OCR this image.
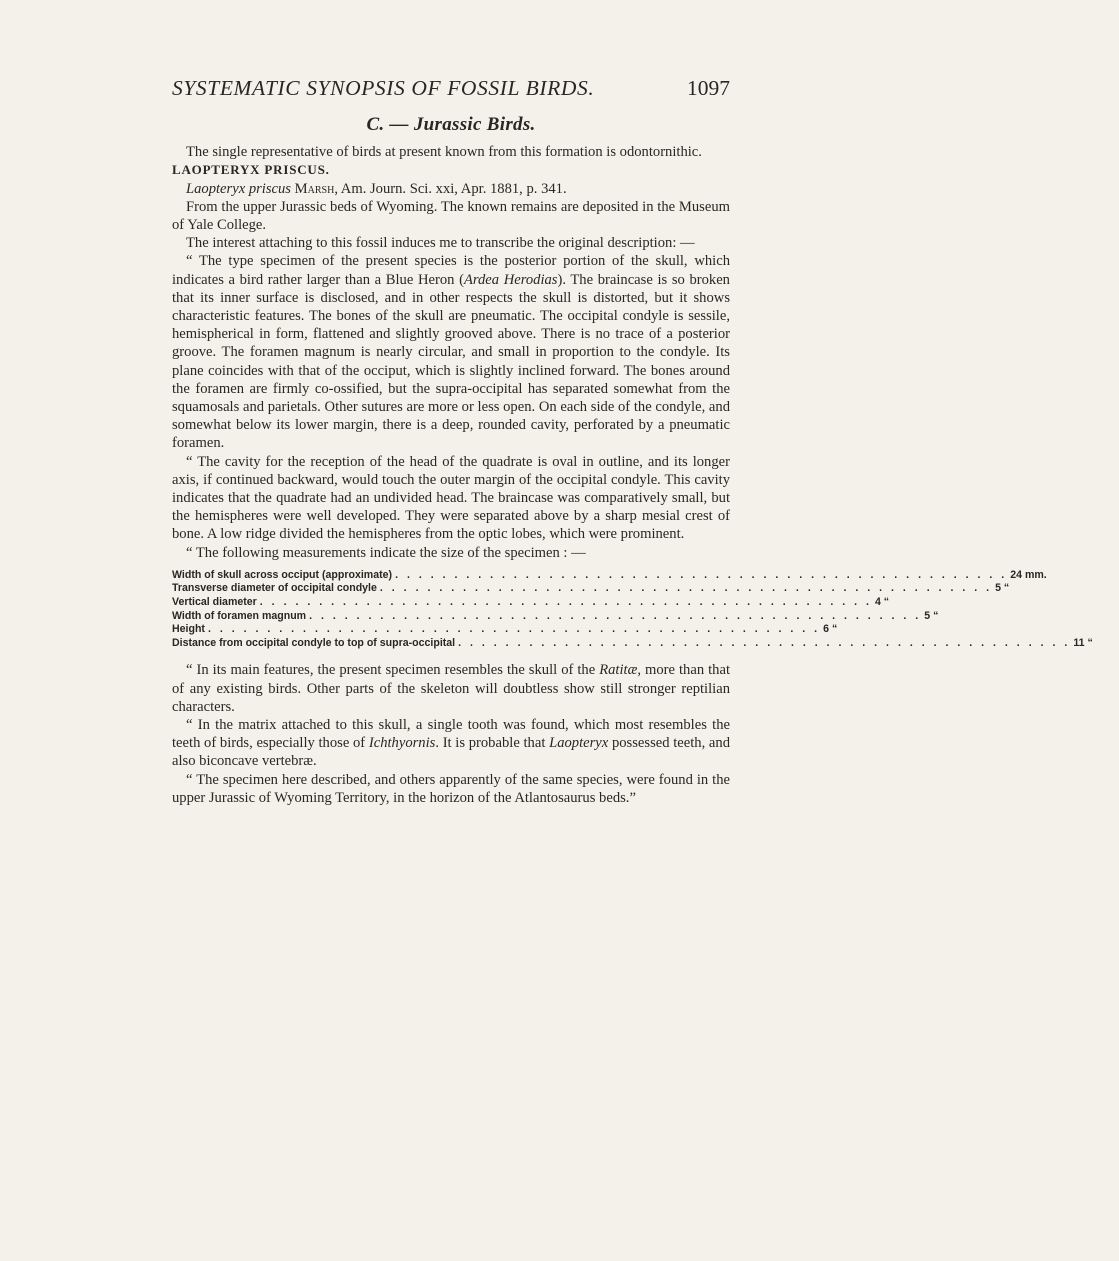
SYSTEMATIC SYNOPSIS OF FOSSIL BIRDS.	1097
C. — Jurassic Birds.

The single representative of birds at present known from this formation is odontornithic.

LAOPTERYX PRISCUS.

Laopteryx priscus Marsh, Am. Journ. Sci. xxi, Apr. 1881, p. 341.

From the upper Jurassic beds of Wyoming. The known remains are deposited in the Museum of Yale College.

The interest attaching to this fossil induces me to transcribe the original description: —

“ The type specimen of the present species is the posterior portion of the skull, which indicates a bird rather larger than a Blue Heron (Ardea Herodias). The braincase is so broken that its inner surface is disclosed, and in other respects the skull is distorted, but it shows characteristic features. The bones of the skull are pneumatic. The occipital condyle is sessile, hemispherical in form, flattened and slightly grooved above. There is no trace of a posterior groove. The foramen magnum is nearly circular, and small in proportion to the condyle. Its plane coincides with that of the occiput, which is slightly inclined forward. The bones around the foramen are firmly co-ossified, but the supra-occipital has separated somewhat from the squamosals and parietals. Other sutures are more or less open. On each side of the condyle, and somewhat below its lower margin, there is a deep, rounded cavity, perforated by a pneumatic foramen.

“ The cavity for the reception of the head of the quadrate is oval in outline, and its longer axis, if continued backward, would touch the outer margin of the occipital condyle. This cavity indicates that the quadrate had an undivided head. The braincase was comparatively small, but the hemispheres were well developed. They were separated above by a sharp mesial crest of bone. A low ridge divided the hemispheres from the optic lobes, which were prominent.

“ The following measurements indicate the size of the specimen : —

Width of skull across occiput (approximate) . . . . . . . . . . . . . . . . . . . . . . . . . . . . . . . . . . . . . . . . . . . . . . . . . . . . 24 mm.
Transverse diameter of occipital condyle . . . . . . . . . . . . . . . . . . . . . . . . . . . . . . . . . . . . . . . . . . . . . . . . . . . . 5 “
Vertical diameter . . . . . . . . . . . . . . . . . . . . . . . . . . . . . . . . . . . . . . . . . . . . . . . . . . . . 4 “
Width of foramen magnum . . . . . . . . . . . . . . . . . . . . . . . . . . . . . . . . . . . . . . . . . . . . . . . . . . . . 5 “
Height . . . . . . . . . . . . . . . . . . . . . . . . . . . . . . . . . . . . . . . . . . . . . . . . . . . . 6 “
Distance from occipital condyle to top of supra-occipital . . . . . . . . . . . . . . . . . . . . . . . . . . . . . . . . . . . . . . . . . . . . . . . . . . . . 11 “

“ In its main features, the present specimen resembles the skull of the Ratitæ, more than that of any existing birds. Other parts of the skeleton will doubtless show still stronger reptilian characters.

“ In the matrix attached to this skull, a single tooth was found, which most resembles the teeth of birds, especially those of Ichthyornis. It is probable that Laopteryx possessed teeth, and also biconcave vertebræ.

“ The specimen here described, and others apparently of the same species, were found in the upper Jurassic of Wyoming Territory, in the horizon of the Atlantosaurus beds.”
